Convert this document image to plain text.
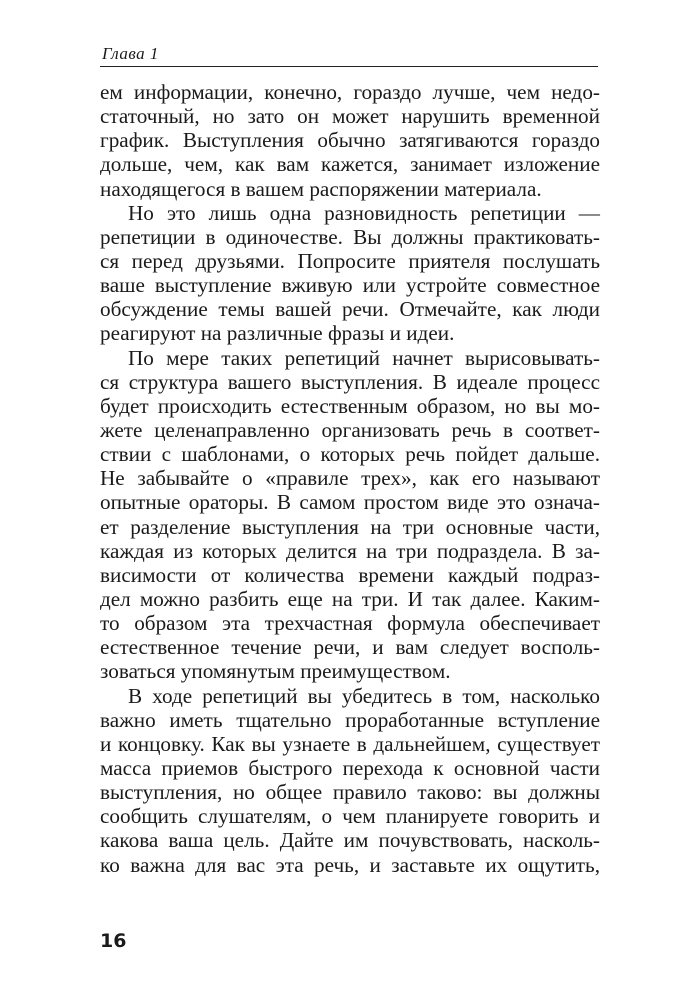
Глава 1
ем информации, конечно, гораздо лучше, чем недо-
статочный, но зато он может нарушить временной
график. Выступления обычно затягиваются гораздо
дольше, чем, как вам кажется, занимает изложение
находящегося в вашем распоряжении материала.
Но это лишь одна разновидность репетиции —
репетиции в одиночестве. Вы должны практиковать-
ся перед друзьями. Попросите приятеля послушать
ваше выступление вживую или устройте совместное
обсуждение темы вашей речи. Отмечайте, как люди
реагируют на различные фразы и идеи.
По мере таких репетиций начнет вырисовывать-
ся структура вашего выступления. В идеале процесс
будет происходить естественным образом, но вы мо-
жете целенаправленно организовать речь в соответ-
ствии с шаблонами, о которых речь пойдет дальше.
Не забывайте о «правиле трех», как его называют
опытные ораторы. В самом простом виде это означа-
ет разделение выступления на три основные части,
каждая из которых делится на три подраздела. В за-
висимости от количества времени каждый подраз-
дел можно разбить еще на три. И так далее. Каким-
то образом эта трехчастная формула обеспечивает
естественное течение речи, и вам следует восполь-
зоваться упомянутым преимуществом.
В ходе репетиций вы убедитесь в том, насколько
важно иметь тщательно проработанные вступление
и концовку. Как вы узнаете в дальнейшем, существует
масса приемов быстрого перехода к основной части
выступления, но общее правило таково: вы должны
сообщить слушателям, о чем планируете говорить и
какова ваша цель. Дайте им почувствовать, насколь-
ко важна для вас эта речь, и заставьте их ощутить,
16
